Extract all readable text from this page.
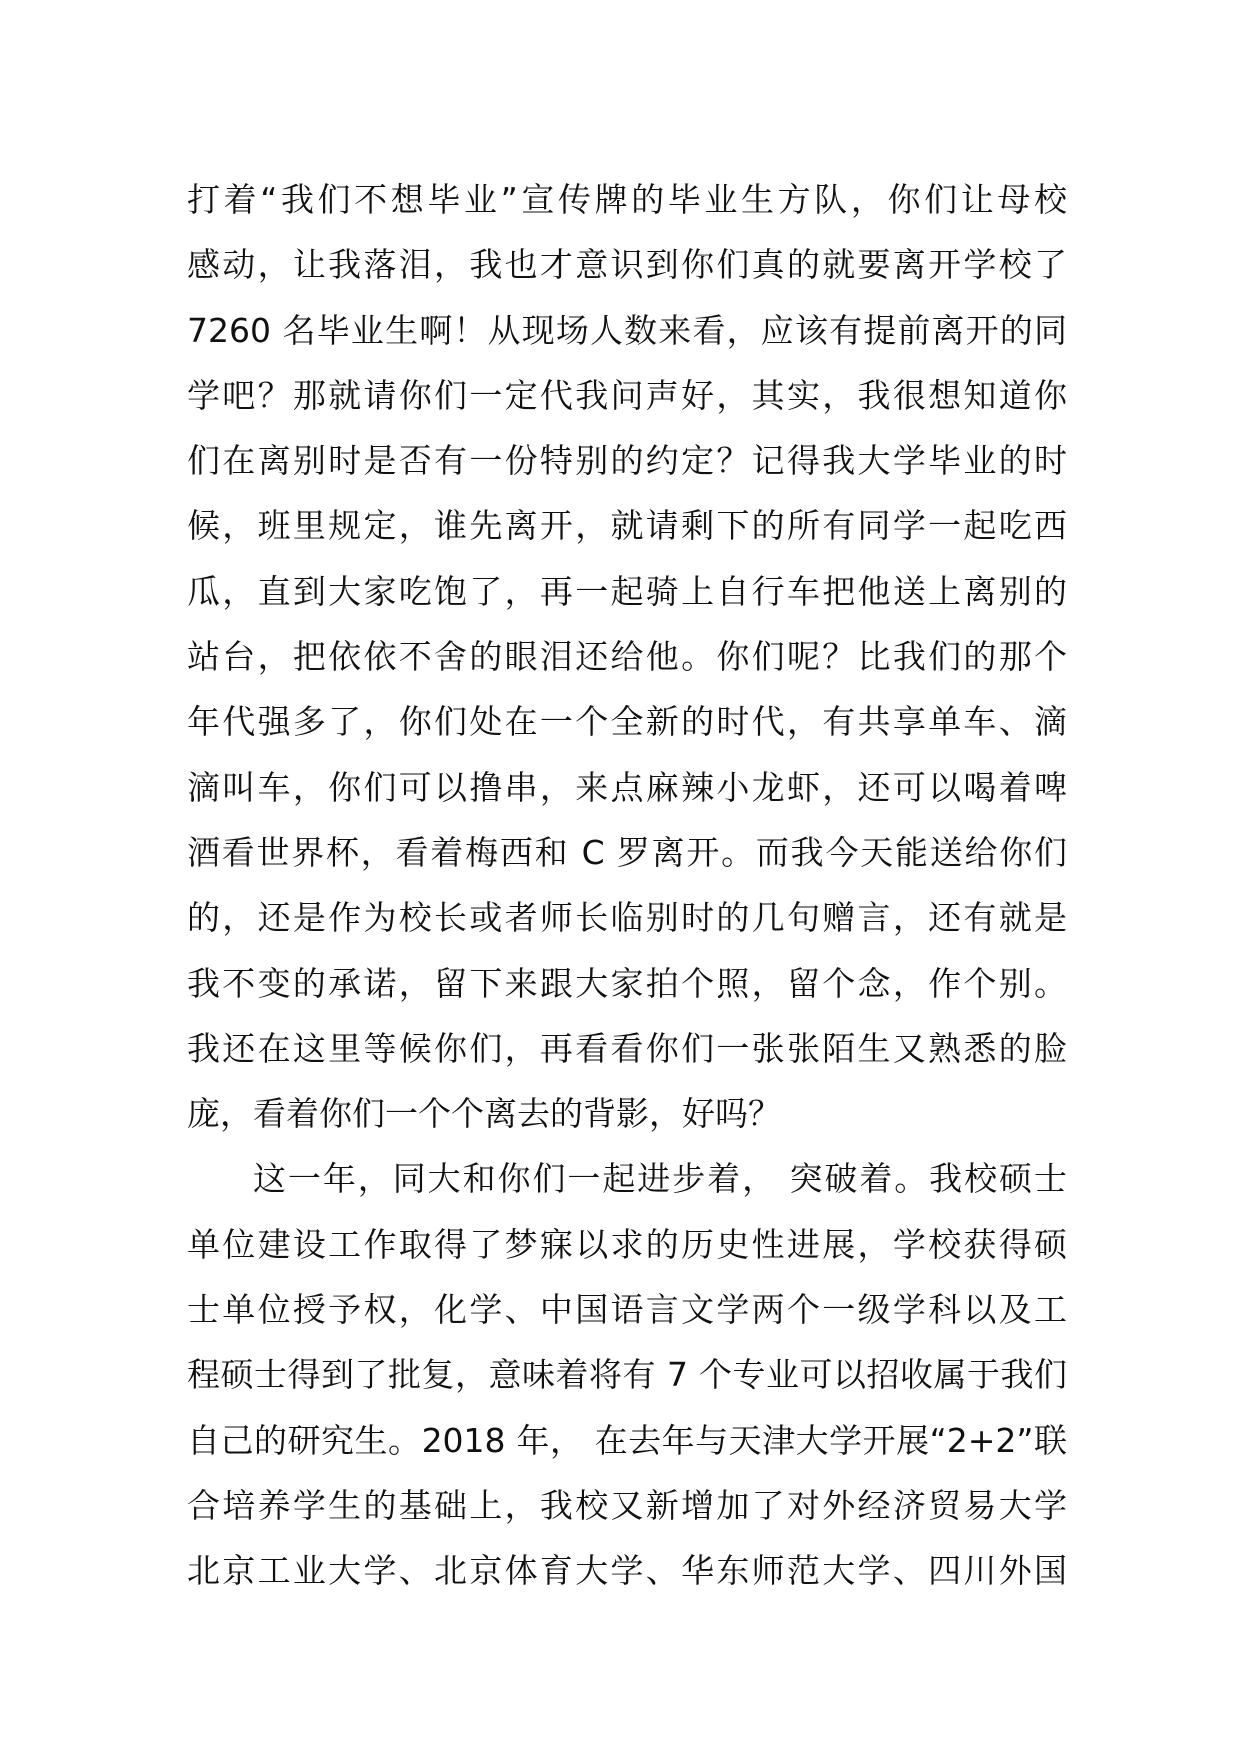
打着“我们不想毕业”宣传牌的毕业生方队，你们让母校
感动，让我落泪，我也才意识到你们真的就要离开学校了
7260 名毕业生啊！从现场人数来看，应该有提前离开的同
学吧？那就请你们一定代我问声好，其实，我很想知道你
们在离别时是否有一份特别的约定？记得我大学毕业的时
候，班里规定，谁先离开，就请剩下的所有同学一起吃西
瓜，直到大家吃饱了，再一起骑上自行车把他送上离别的
站台，把依依不舍的眼泪还给他。你们呢？比我们的那个
年代强多了，你们处在一个全新的时代，有共享单车、滴
滴叫车，你们可以撸串，来点麻辣小龙虾，还可以喝着啤
酒看世界杯，看着梅西和 C 罗离开。而我今天能送给你们
的，还是作为校长或者师长临别时的几句赠言，还有就是
我不变的承诺，留下来跟大家拍个照，留个念，作个别。
我还在这里等候你们，再看看你们一张张陌生又熟悉的脸
庞，看着你们一个个离去的背影，好吗？
这一年，同大和你们一起进步着， 突破着。我校硕士
单位建设工作取得了梦寐以求的历史性进展，学校获得硕
士单位授予权，化学、中国语言文学两个一级学科以及工
程硕士得到了批复，意味着将有 7 个专业可以招收属于我们
自己的研究生。2018 年， 在去年与天津大学开展“2+2”联
合培养学生的基础上，我校又新增加了对外经济贸易大学
北京工业大学、北京体育大学、华东师范大学、四川外国
